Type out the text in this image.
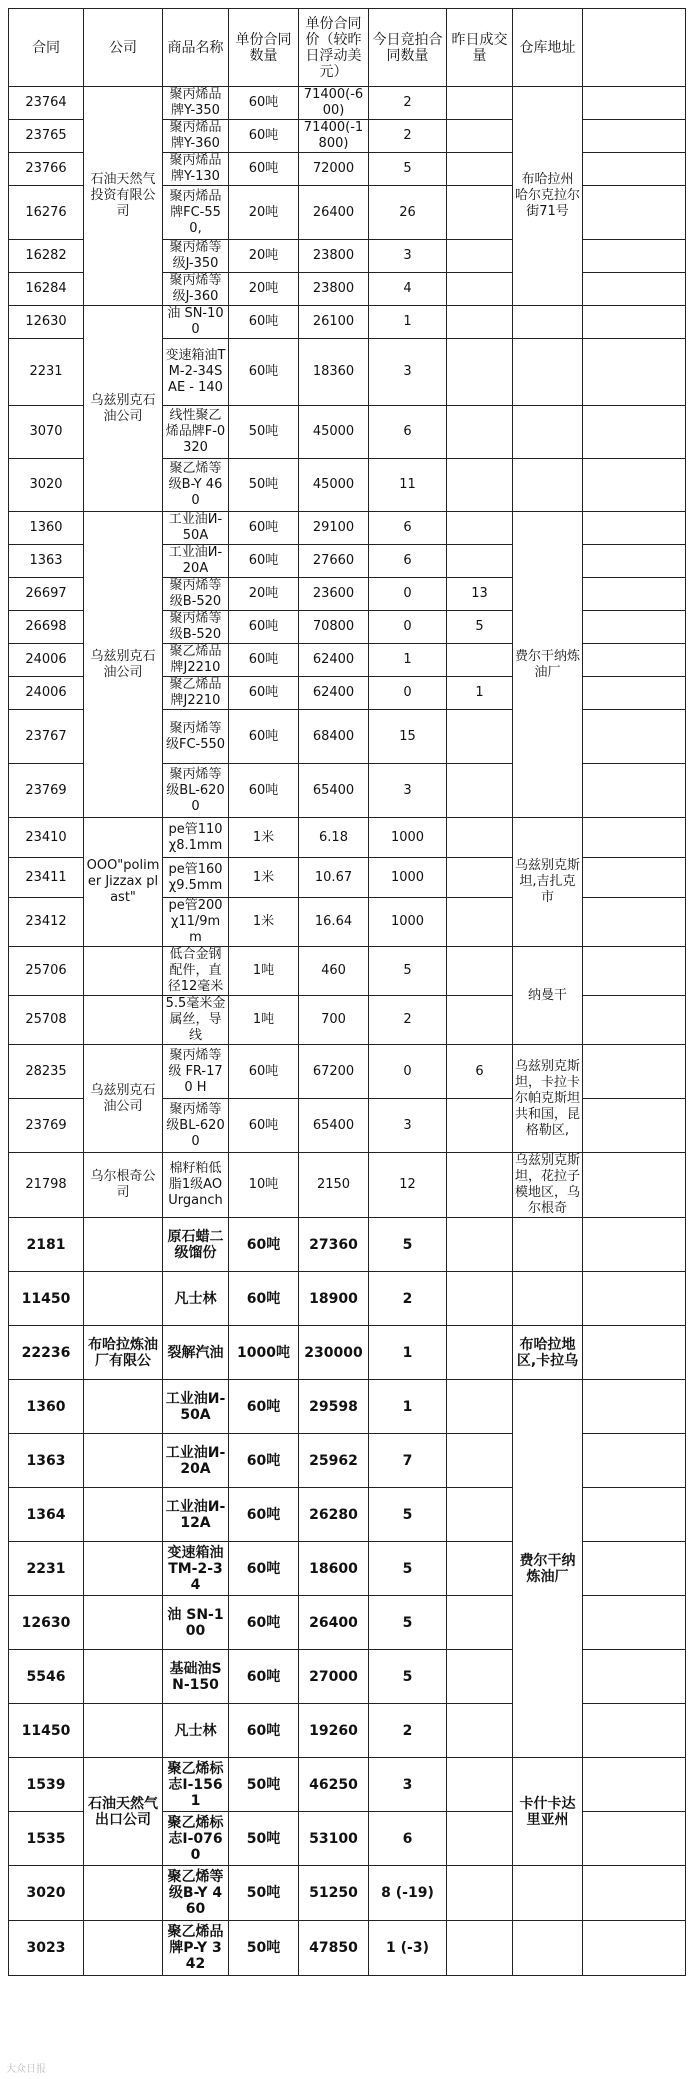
合同	公司	商品名称	单份合同数量	单份合同价（较昨日浮动美元）	今日竞拍合同数量	昨日成交量	仓库地址	
23764	石油天然气投资有限公司	聚丙烯品牌Y-350	60吨	71400(-600)	2		布哈拉州 哈尔克拉尔街71号	
23765		聚丙烯品牌Y-360	60吨	71400(-1800)	2			
23766		聚丙烯品牌Y-130	60吨	72000	5			
16276		聚丙烯品牌FC-550,	20吨	26400	26			
16282		聚丙烯等级J-350	20吨	23800	3			
16284		聚丙烯等级J-360	20吨	23800	4			
12630	乌兹别克石油公司	油 SN-100	60吨	26100	1			
2231		变速箱油TM-2-34SAE - 140	60吨	18360	3			
3070		线性聚乙烯品牌F-0320	50吨	45000	6			
3020		聚乙烯等级B-Y 460	50吨	45000	11			
1360	乌兹别克石油公司	工业油И-50А	60吨	29100	6		费尔干纳炼油厂	
1363		工业油И-20А	60吨	27660	6			
26697		聚丙烯等级B-520	20吨	23600	0	13		
26698		聚丙烯等级B-520	60吨	70800	0	5		
24006		聚乙烯品牌J2210	60吨	62400	1			
24006		聚乙烯品牌J2210	60吨	62400	0	1		
23767		聚丙烯等级FC-550	60吨	68400	15			
23769		聚丙烯等级BL-6200	60吨	65400	3			
23410	OOO"polimer Jizzax plast"	pe管110χ8.1mm	1米	6.18	1000		乌兹别克斯坦,吉扎克市	
23411		pe管160χ9.5mm	1米	10.67	1000			
23412		pe管200χ11/9mm	1米	16.64	1000			
25706		低合金钢配件，直径12毫米	1吨	460	5		纳曼干	
25708		5.5毫米金属丝，导线	1吨	700	2			
28235	乌兹别克石油公司	聚丙烯等级 FR-170 H	60吨	67200	0	6	乌兹别克斯坦，卡拉卡尔帕克斯坦共和国，昆格勒区,	
23769		聚丙烯等级BL-6200	60吨	65400	3			
21798	乌尔根奇公司	棉籽粕低脂1级AO Urganch	10吨	2150	12		乌兹别克斯坦，花拉子模地区，乌尔根奇	
2181		原石蜡二级馏份	60吨	27360	5			
11450		凡士林	60吨	18900	2			
22236	布哈拉炼油厂有限公	裂解汽油	1000吨	230000	1		布哈拉地区,卡拉乌	
1360		工业油И-50А	60吨	29598	1		费尔干纳炼油厂	
1363		工业油И-20А	60吨	25962	7			
1364		工业油И-12А	60吨	26280	5			
2231		变速箱油 TM-2-34	60吨	18600	5			
12630		油 SN-100	60吨	26400	5			
5546		基础油SN-150	60吨	27000	5			
11450		凡士林	60吨	19260	2			
1539	石油天然气出口公司	聚乙烯标志I-1561	50吨	46250	3		卡什卡达里亚州	
1535		聚乙烯标志I-0760	50吨	53100	6			
3020		聚乙烯等级B-Y 460	50吨	51250	8 (-19)			
3023		聚乙烯品牌P-Y 342	50吨	47850	1 (-3)			
大众日报
